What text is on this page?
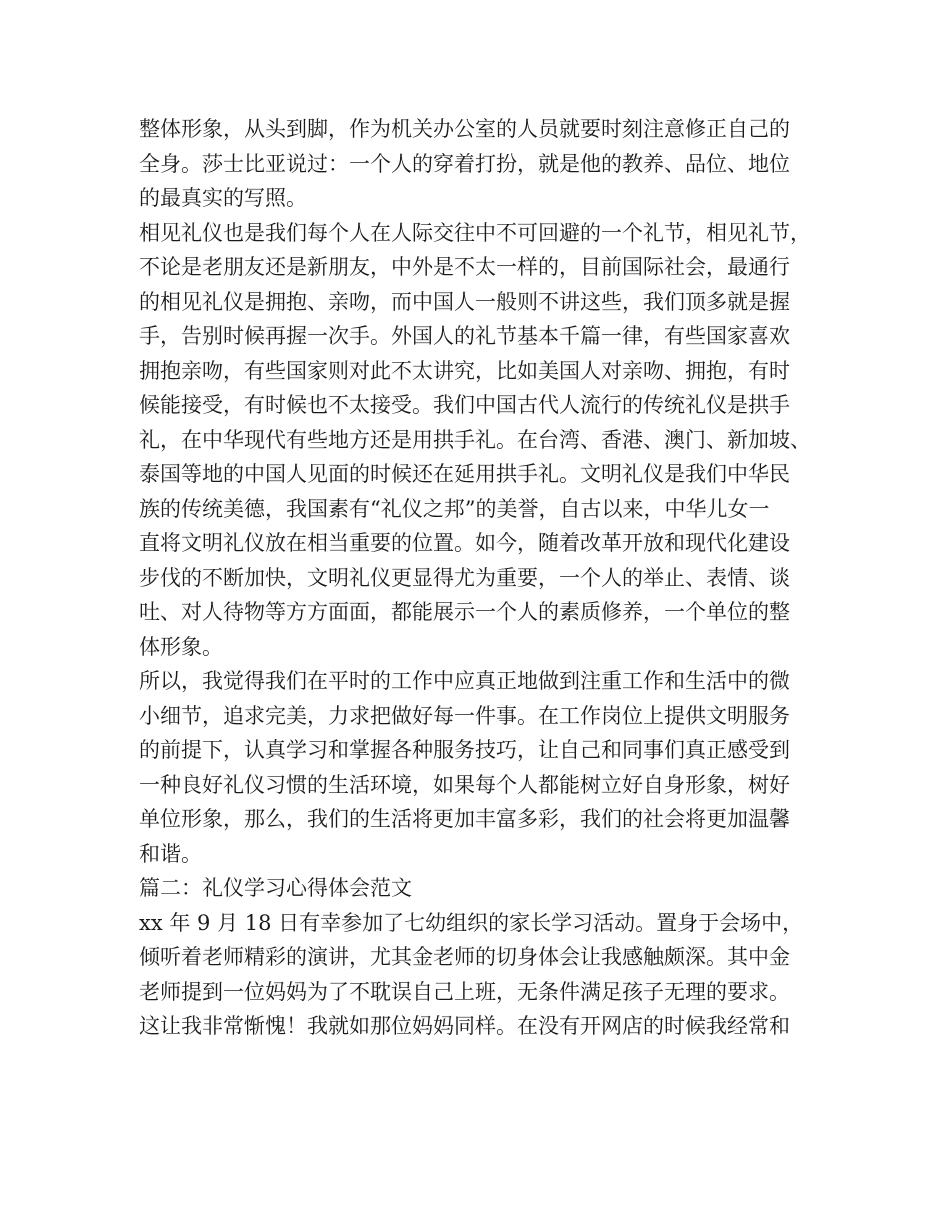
整体形象，从头到脚，作为机关办公室的人员就要时刻注意修正自己的
全身。莎士比亚说过：一个人的穿着打扮，就是他的教养、品位、地位
的最真实的写照。

相见礼仪也是我们每个人在人际交往中不可回避的一个礼节，相见礼节，
不论是老朋友还是新朋友，中外是不太一样的，目前国际社会，最通行
的相见礼仪是拥抱、亲吻，而中国人一般则不讲这些，我们顶多就是握
手，告别时候再握一次手。外国人的礼节基本千篇一律，有些国家喜欢
拥抱亲吻，有些国家则对此不太讲究，比如美国人对亲吻、拥抱，有时
候能接受，有时候也不太接受。我们中国古代人流行的传统礼仪是拱手
礼，在中华现代有些地方还是用拱手礼。在台湾、香港、澳门、新加坡、
泰国等地的中国人见面的时候还在延用拱手礼。文明礼仪是我们中华民
族的传统美德，我国素有“礼仪之邦”的美誉，自古以来，中华儿女一
直将文明礼仪放在相当重要的位置。如今，随着改革开放和现代化建设
步伐的不断加快，文明礼仪更显得尤为重要，一个人的举止、表情、谈
吐、对人待物等方方面面，都能展示一个人的素质修养，一个单位的整
体形象。

所以，我觉得我们在平时的工作中应真正地做到注重工作和生活中的微
小细节，追求完美，力求把做好每一件事。在工作岗位上提供文明服务
的前提下，认真学习和掌握各种服务技巧，让自己和同事们真正感受到
一种良好礼仪习惯的生活环境，如果每个人都能树立好自身形象，树好
单位形象，那么，我们的生活将更加丰富多彩，我们的社会将更加温馨
和谐。

篇二：礼仪学习心得体会范文

xx 年 9 月 18 日有幸参加了七幼组织的家长学习活动。置身于会场中，
倾听着老师精彩的演讲，尤其金老师的切身体会让我感触颇深。其中金
老师提到一位妈妈为了不耽误自己上班，无条件满足孩子无理的要求。
这让我非常惭愧！我就如那位妈妈同样。在没有开网店的时候我经常和
